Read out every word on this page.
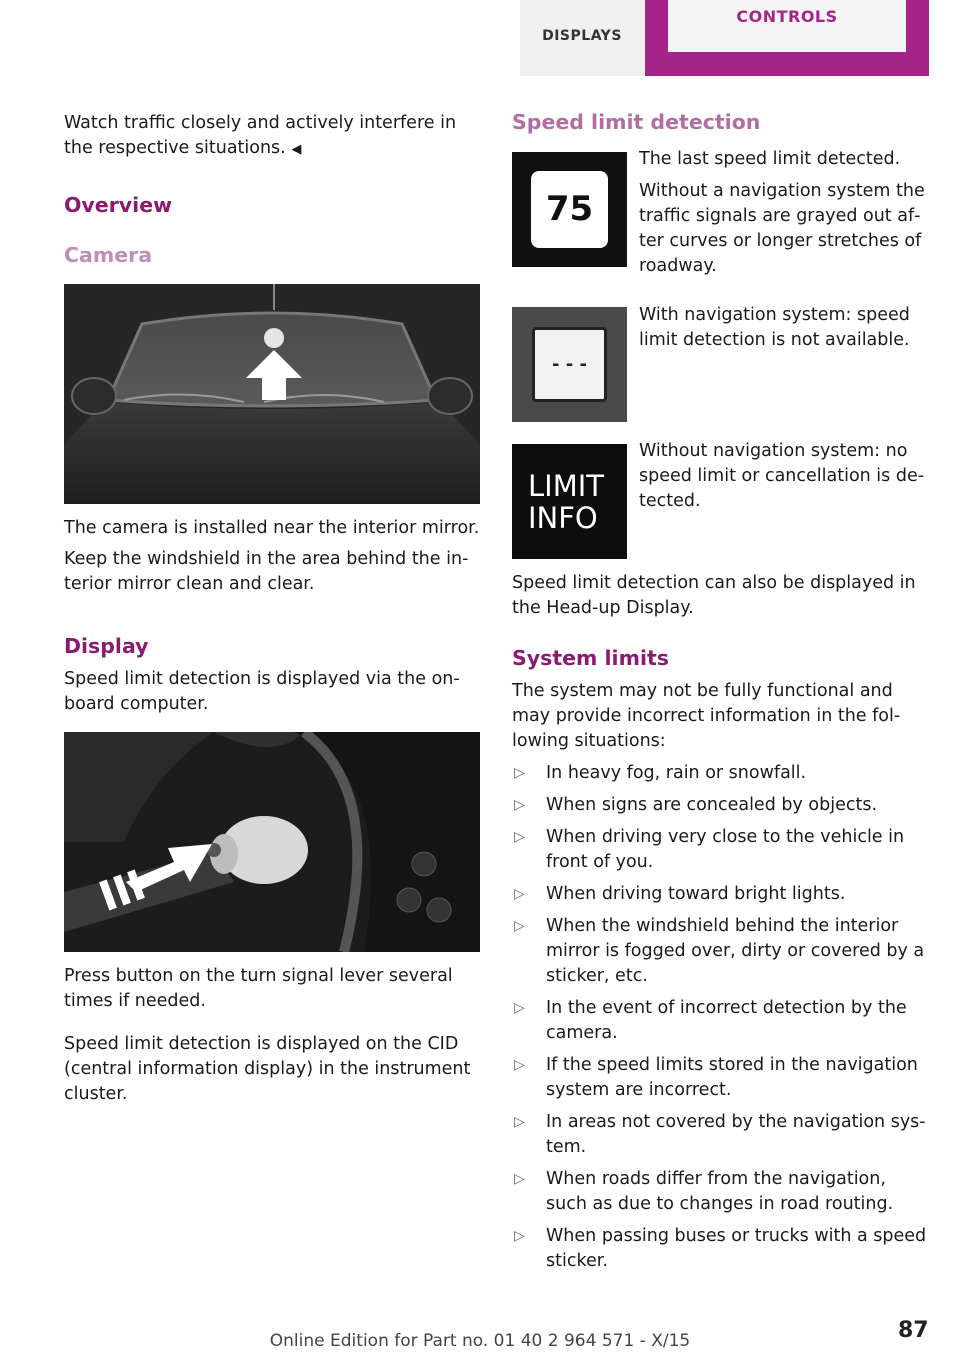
DISPLAYS
CONTROLS

Watch traffic closely and actively interfere in the respective situations. ◀

Overview
Camera

The camera is installed near the interior mirror.

Keep the windshield in the area behind the interior mirror clean and clear.

Display

Speed limit detection is displayed via the onboard computer.

Press button on the turn signal lever several times if needed.

Speed limit detection is displayed on the CID (central information display) in the instrument cluster.

Speed limit detection
75

The last speed limit detected.

Without a navigation system the traffic signals are grayed out after curves or longer stretches of roadway.

- - -

With navigation system: speed limit detection is not available.

LIMIT
INFO

Without navigation system: no speed limit or cancellation is detected.

Speed limit detection can also be displayed in the Head-up Display.

System limits

The system may not be fully functional and may provide incorrect information in the following situations:

▷ In heavy fog, rain or snowfall.
▷ When signs are concealed by objects.
▷ When driving very close to the vehicle in front of you.
▷ When driving toward bright lights.
▷ When the windshield behind the interior mirror is fogged over, dirty or covered by a sticker, etc.
▷ In the event of incorrect detection by the camera.
▷ If the speed limits stored in the navigation system are incorrect.
▷ In areas not covered by the navigation system.
▷ When roads differ from the navigation, such as due to changes in road routing.
▷ When passing buses or trucks with a speed sticker.
Online Edition for Part no. 01 40 2 964 571 - X/15	87
